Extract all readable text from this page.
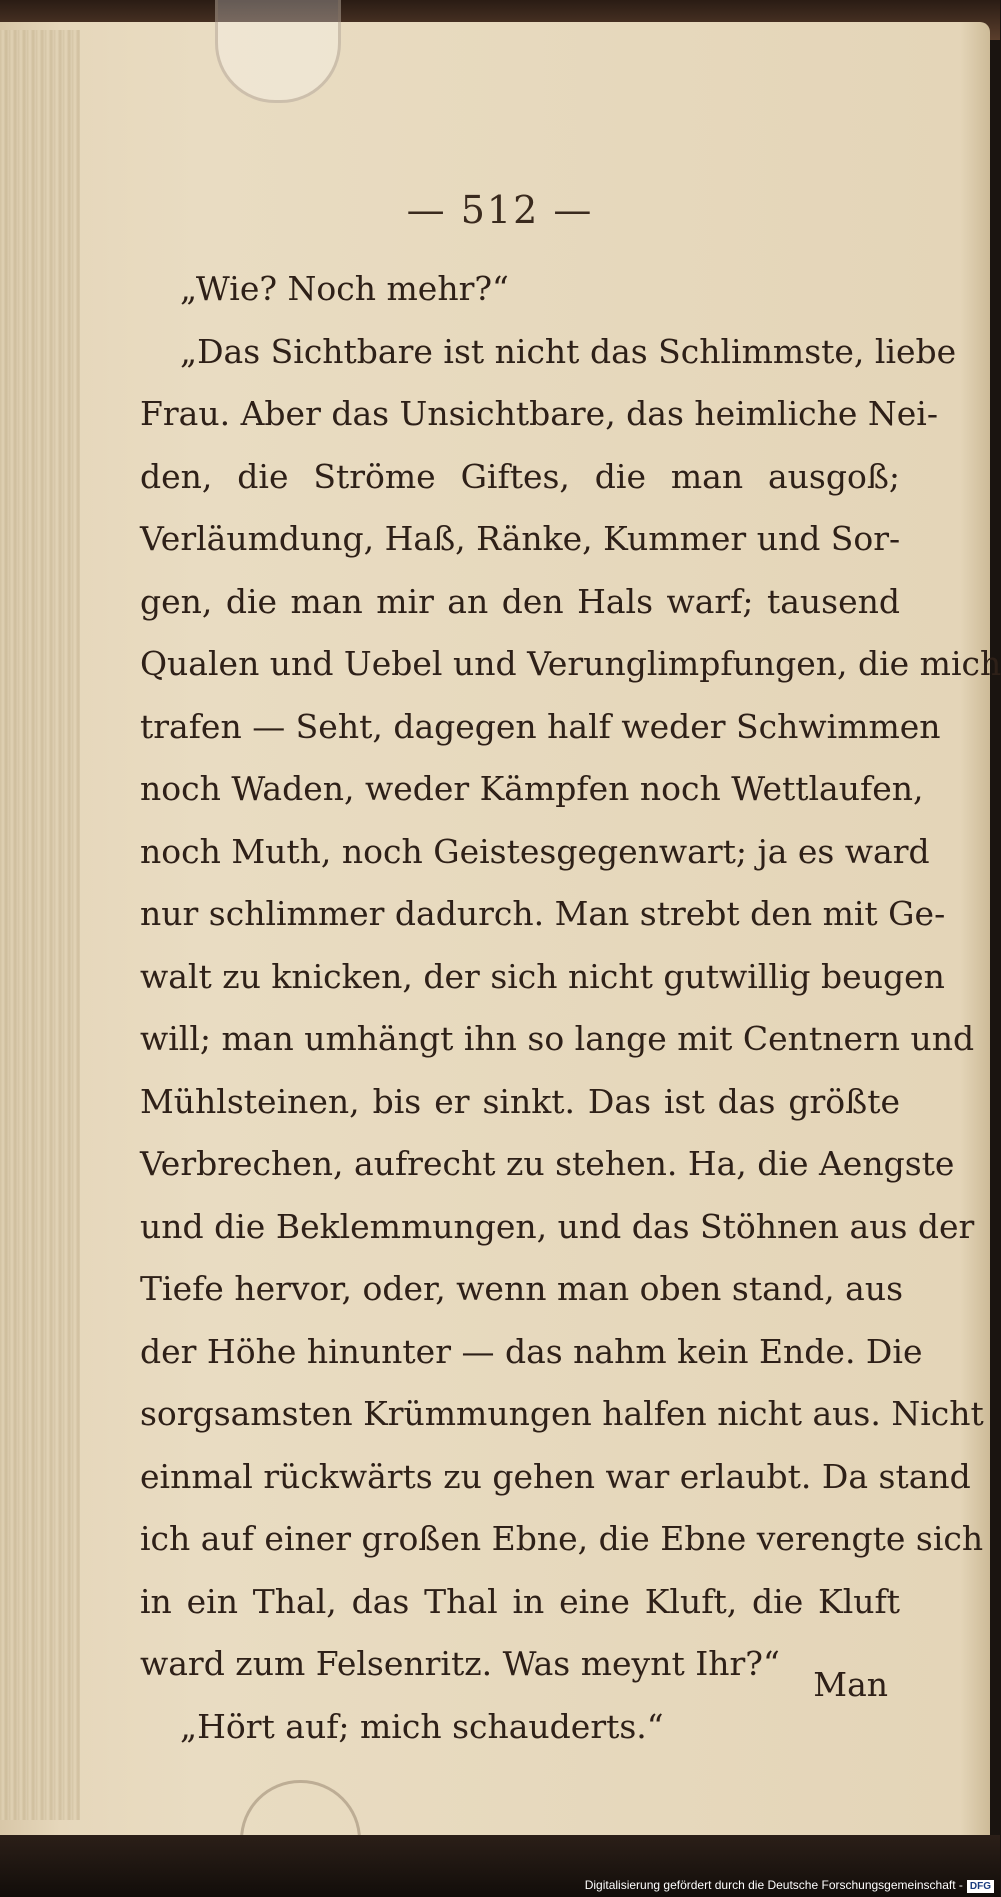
— 512 —
„Wie? Noch mehr?“
„Das Sichtbare ist nicht das Schlimmste, liebe
Frau. Aber das Unsichtbare, das heimliche Nei-
den, die Ströme Giftes, die man ausgoß;
Verläumdung, Haß, Ränke, Kummer und Sor-
gen, die man mir an den Hals warf; tausend
Qualen und Uebel und Verunglimpfungen, die mich
trafen — Seht, dagegen half weder Schwimmen
noch Waden, weder Kämpfen noch Wettlaufen,
noch Muth, noch Geistesgegenwart; ja es ward
nur schlimmer dadurch. Man strebt den mit Ge-
walt zu knicken, der sich nicht gutwillig beugen
will; man umhängt ihn so lange mit Centnern und
Mühlsteinen, bis er sinkt. Das ist das größte
Verbrechen, aufrecht zu stehen. Ha, die Aengste
und die Beklemmungen, und das Stöhnen aus der
Tiefe hervor, oder, wenn man oben stand, aus
der Höhe hinunter — das nahm kein Ende. Die
sorgsamsten Krümmungen halfen nicht aus. Nicht
einmal rückwärts zu gehen war erlaubt. Da stand
ich auf einer großen Ebne, die Ebne verengte sich
in ein Thal, das Thal in eine Kluft, die Kluft
ward zum Felsenritz. Was meynt Ihr?“
„Hört auf; mich schauderts.“
Man
Digitalisierung gefördert durch die Deutsche Forschungsgemeinschaft - DFG
